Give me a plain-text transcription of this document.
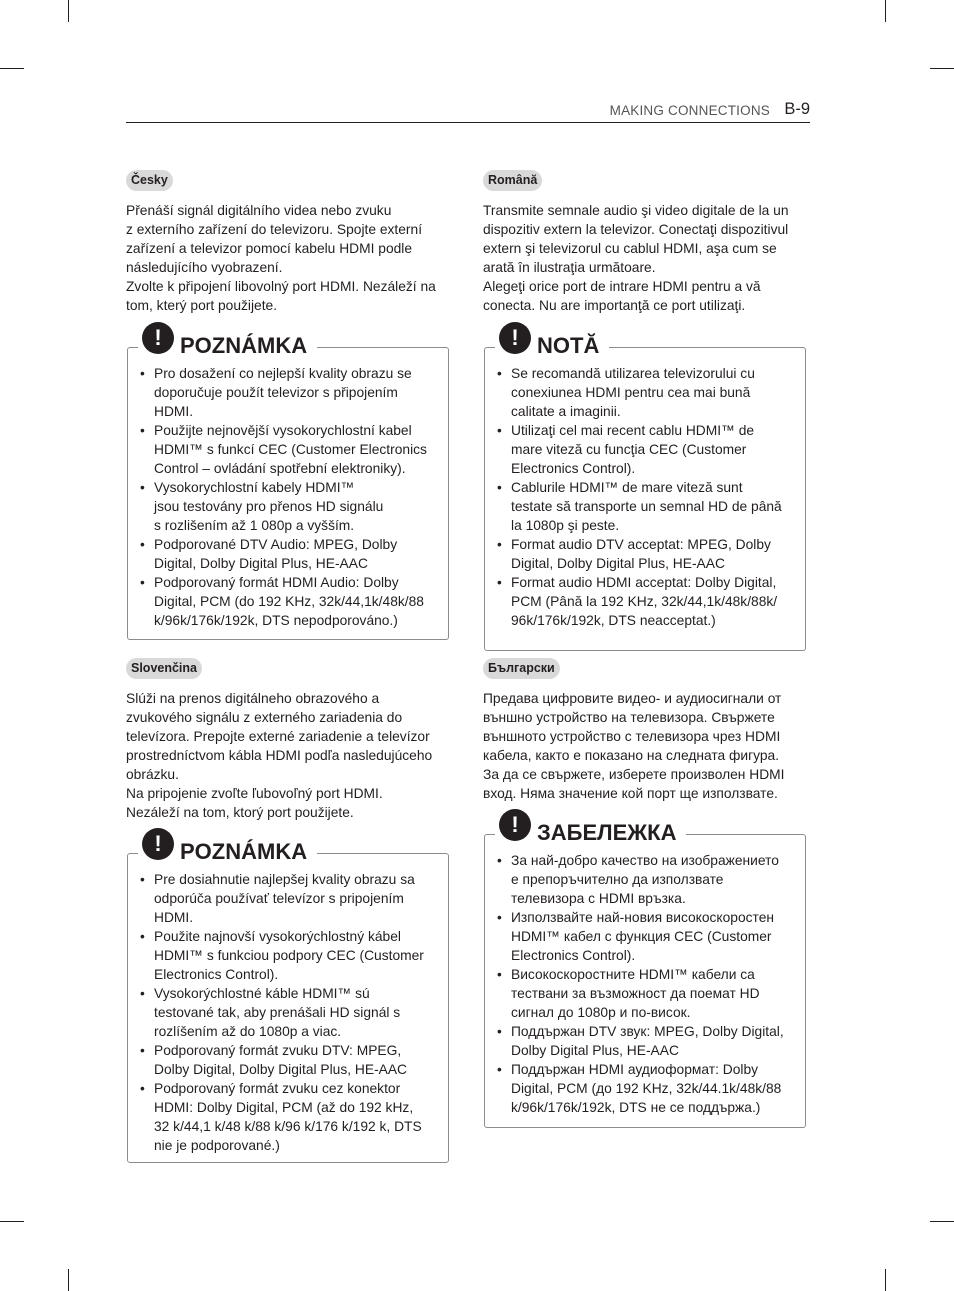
MAKING CONNECTIONS B-9
Česky

Přenáší signál digitálního videa nebo zvuku
z externího zařízení do televizoru. Spojte externí
zařízení a televizor pomocí kabelu HDMI podle
následujícího vyobrazení.
Zvolte k připojení libovolný port HDMI. Nezáleží na
tom, který port použijete.

! POZNÁMKA
• Pro dosažení co nejlepší kvality obrazu se
doporučuje použít televizor s připojením
HDMI.
• Použijte nejnovější vysokorychlostní kabel
HDMI™ s funkcí CEC (Customer Electronics
Control – ovládání spotřební elektroniky).
• Vysokorychlostní kabely HDMI™
jsou testovány pro přenos HD signálu
s rozlišením až 1 080p a vyšším.
• Podporované DTV Audio: MPEG, Dolby
Digital, Dolby Digital Plus, HE-AAC
• Podporovaný formát HDMI Audio: Dolby
Digital, PCM (do 192 KHz, 32k/44,1k/48k/88
k/96k/176k/192k, DTS nepodporováno.)
Slovenčina

Slúži na prenos digitálneho obrazového a
zvukového signálu z externého zariadenia do
televízora. Prepojte externé zariadenie a televízor
prostredníctvom kábla HDMI podľa nasledujúceho
obrázku.
Na pripojenie zvoľte ľubovoľný port HDMI.
Nezáleží na tom, ktorý port použijete.

! POZNÁMKA
• Pre dosiahnutie najlepšej kvality obrazu sa
odporúča používať televízor s pripojením
HDMI.
• Použite najnovší vysokorýchlostný kábel
HDMI™ s funkciou podpory CEC (Customer
Electronics Control).
• Vysokorýchlostné káble HDMI™ sú
testované tak, aby prenášali HD signál s
rozlíšením až do 1080p a viac.
• Podporovaný formát zvuku DTV: MPEG,
Dolby Digital, Dolby Digital Plus, HE-AAC
• Podporovaný formát zvuku cez konektor
HDMI: Dolby Digital, PCM (až do 192 kHz,
32 k/44,1 k/48 k/88 k/96 k/176 k/192 k, DTS
nie je podporované.)
Română

Transmite semnale audio şi video digitale de la un
dispozitiv extern la televizor. Conectaţi dispozitivul
extern şi televizorul cu cablul HDMI, aşa cum se
arată în ilustraţia următoare.
Alegeţi orice port de intrare HDMI pentru a vă
conecta. Nu are importanţă ce port utilizaţi.

! NOTĂ
• Se recomandă utilizarea televizorului cu
conexiunea HDMI pentru cea mai bună
calitate a imaginii.
• Utilizaţi cel mai recent cablu HDMI™ de
mare viteză cu funcţia CEC (Customer
Electronics Control).
• Cablurile HDMI™ de mare viteză sunt
testate să transporte un semnal HD de până
la 1080p şi peste.
• Format audio DTV acceptat: MPEG, Dolby
Digital, Dolby Digital Plus, HE-AAC
• Format audio HDMI acceptat: Dolby Digital,
PCM (Până la 192 KHz, 32k/44,1k/48k/88k/
96k/176k/192k, DTS neacceptat.)
Български

Предава цифровите видео- и аудиосигнали от
външно устройство на телевизора. Свържете
външното устройство с телевизора чрез HDMI
кабела, както е показано на следната фигура.
За да се свържете, изберете произволен HDMI
вход. Няма значение кой порт ще използвате.

! ЗАБЕЛЕЖКА
• За най-добро качество на изображението
е препоръчително да използвате
телевизора с HDMI връзка.
• Използвайте най-новия високоскоростен
HDMI™ кабел с функция CEC (Customer
Electronics Control).
• Високоскоростните HDMI™ кабели са
тествани за възможност да поемат HD
сигнал до 1080p и по-висок.
• Поддържан DTV звук: MPEG, Dolby Digital,
Dolby Digital Plus, HE-AAC
• Поддържан HDMI аудиоформат: Dolby
Digital, PCM (до 192 KHz, 32k/44.1k/48k/88
k/96k/176k/192k, DTS не се поддържа.)
